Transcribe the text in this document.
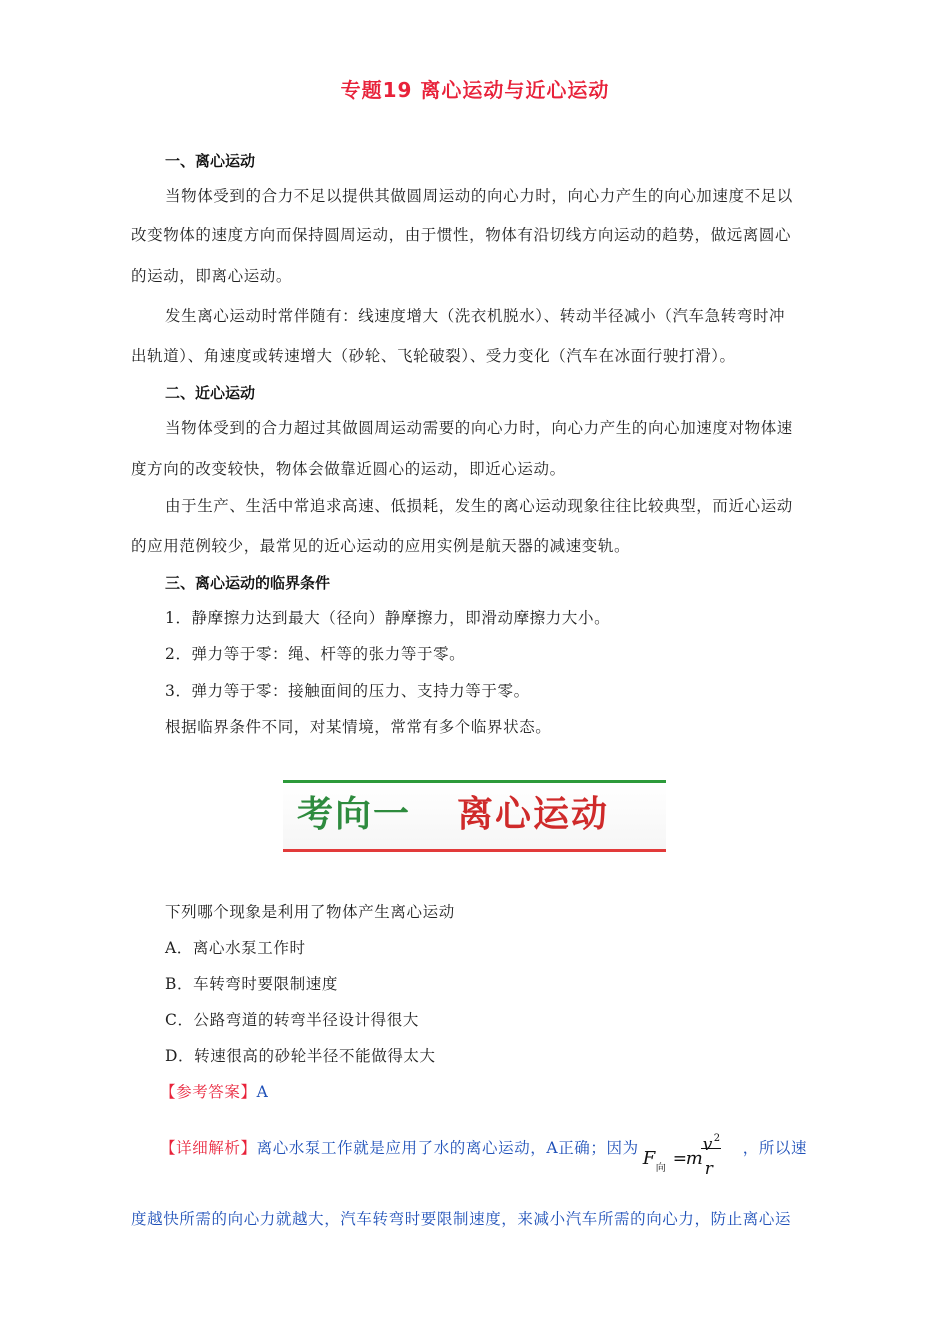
专题19 离心运动与近心运动
一、离心运动
当物体受到的合力不足以提供其做圆周运动的向心力时，向心力产生的向心加速度不足以
改变物体的速度方向而保持圆周运动，由于惯性，物体有沿切线方向运动的趋势，做远离圆心
的运动，即离心运动。
发生离心运动时常伴随有：线速度增大（洗衣机脱水）、转动半径减小（汽车急转弯时冲
出轨道）、角速度或转速增大（砂轮、飞轮破裂）、受力变化（汽车在冰面行驶打滑）。
二、近心运动
当物体受到的合力超过其做圆周运动需要的向心力时，向心力产生的向心加速度对物体速
度方向的改变较快，物体会做靠近圆心的运动，即近心运动。
由于生产、生活中常追求高速、低损耗，发生的离心运动现象往往比较典型，而近心运动
的应用范例较少，最常见的近心运动的应用实例是航天器的减速变轨。
三、离心运动的临界条件
1．静摩擦力达到最大（径向）静摩擦力，即滑动摩擦力大小。
2．弹力等于零：绳、杆等的张力等于零。
3．弹力等于零：接触面间的压力、支持力等于零。
根据临界条件不同，对某情境，常常有多个临界状态。
考向一 离心运动
下列哪个现象是利用了物体产生离心运动
A．离心水泵工作时
B．车转弯时要限制速度
C．公路弯道的转弯半径设计得很大
D．转速很高的砂轮半径不能做得太大
【参考答案】A
【详细解析】离心水泵工作就是应用了水的离心运动，A正确；因为 F 向 =
m
v 2
r
，所以速
度越快所需的向心力就越大，汽车转弯时要限制速度，来减小汽车所需的向心力，防止离心运
